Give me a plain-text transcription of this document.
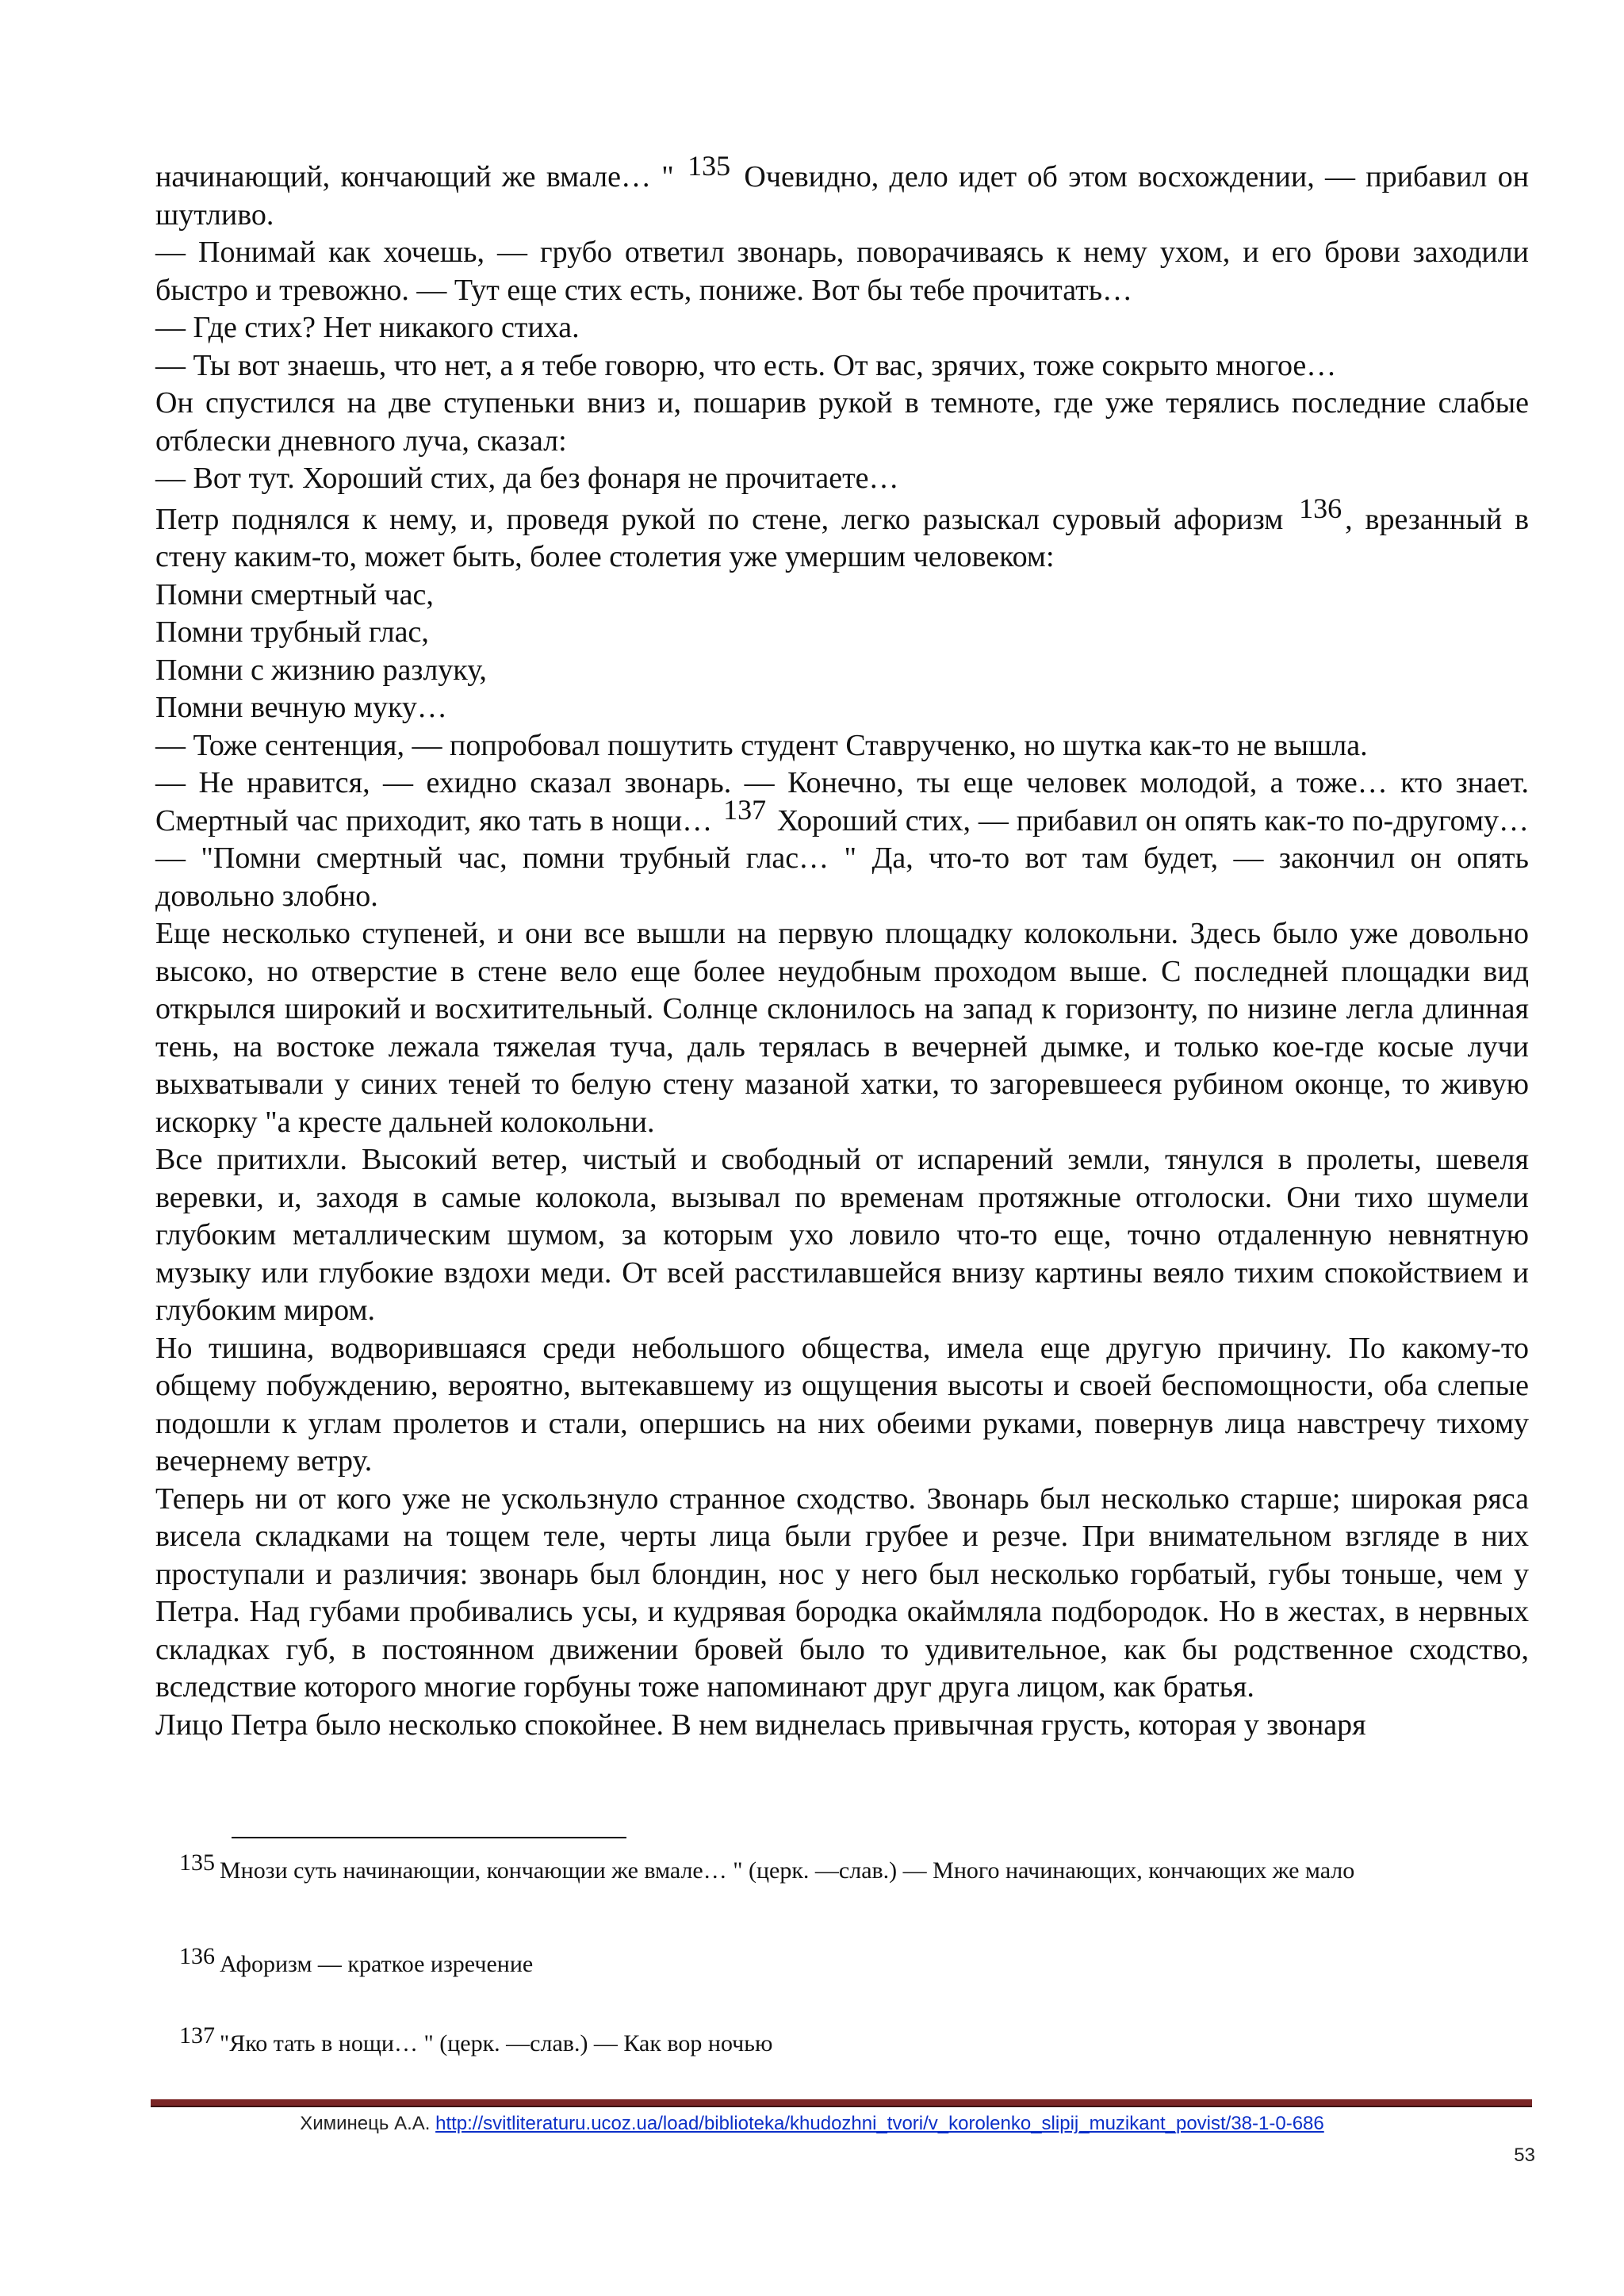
начинающий, кончающий же вмале… " 135 Очевидно, дело идет об этом восхождении, — прибавил он шутливо.

— Понимай как хочешь, — грубо ответил звонарь, поворачиваясь к нему ухом, и его брови заходили быстро и тревожно. — Тут еще стих есть, пониже. Вот бы тебе прочитать…

— Где стих? Нет никакого стиха.

— Ты вот знаешь, что нет, а я тебе говорю, что есть. От вас, зрячих, тоже сокрыто многое…

Он спустился на две ступеньки вниз и, пошарив рукой в темноте, где уже терялись последние слабые отблески дневного луча, сказал:

— Вот тут. Хороший стих, да без фонаря не прочитаете…

Петр поднялся к нему, и, проведя рукой по стене, легко разыскал суровый афоризм 136 , врезанный в стену каким-то, может быть, более столетия уже умершим человеком:

Помни смертный час,

Помни трубный глас,

Помни с жизнию разлуку,

Помни вечную муку…

— Тоже сентенция, — попробовал пошутить студент Ставрученко, но шутка как-то не вышла.

— Не нравится, — ехидно сказал звонарь. — Конечно, ты еще человек молодой, а тоже… кто знает. Смертный час приходит, яко тать в нощи… 137 Хороший стих, — прибавил он опять как-то по-другому… — "Помни смертный час, помни трубный глас… " Да, что-то вот там будет, — закончил он опять довольно злобно.

Еще несколько ступеней, и они все вышли на первую площадку колокольни. Здесь было уже довольно высоко, но отверстие в стене вело еще более неудобным проходом выше. С последней площадки вид открылся широкий и восхитительный. Солнце склонилось на запад к горизонту, по низине легла длинная тень, на востоке лежала тяжелая туча, даль терялась в вечерней дымке, и только кое-где косые лучи выхватывали у синих теней то белую стену мазаной хатки, то загоревшееся рубином оконце, то живую искорку "а кресте дальней колокольни.

Все притихли. Высокий ветер, чистый и свободный от испарений земли, тянулся в пролеты, шевеля веревки, и, заходя в самые колокола, вызывал по временам протяжные отголоски. Они тихо шумели глубоким металлическим шумом, за которым ухо ловило что-то еще, точно отдаленную невнятную музыку или глубокие вздохи меди. От всей расстилавшейся внизу картины веяло тихим спокойствием и глубоким миром.

Но тишина, водворившаяся среди небольшого общества, имела еще другую причину. По какому-то общему побуждению, вероятно, вытекавшему из ощущения высоты и своей беспомощности, оба слепые подошли к углам пролетов и стали, опершись на них обеими руками, повернув лица навстречу тихому вечернему ветру.

Теперь ни от кого уже не ускользнуло странное сходство. Звонарь был несколько старше; широкая ряса висела складками на тощем теле, черты лица были грубее и резче. При внимательном взгляде в них проступали и различия: звонарь был блондин, нос у него был несколько горбатый, губы тоньше, чем у Петра. Над губами пробивались усы, и кудрявая бородка окаймляла подбородок. Но в жестах, в нервных складках губ, в постоянном движении бровей было то удивительное, как бы родственное сходство, вследствие которого многие горбуны тоже напоминают друг друга лицом, как братья.

Лицо Петра было несколько спокойнее. В нем виднелась привычная грусть, которая у звонаря

135 Мнози суть начинающии, кончающии же вмале… " (церк. —слав.) — Много начинающих, кончающих же мало

136 Афоризм — краткое изречение

137 "Яко тать в нощи… " (церк. —слав.) — Как вор ночью

Химинець А.А. http://svitliteraturu.ucoz.ua/load/biblioteka/khudozhni_tvori/v_korolenko_slipij_muzikant_povist/38-1-0-686
53
